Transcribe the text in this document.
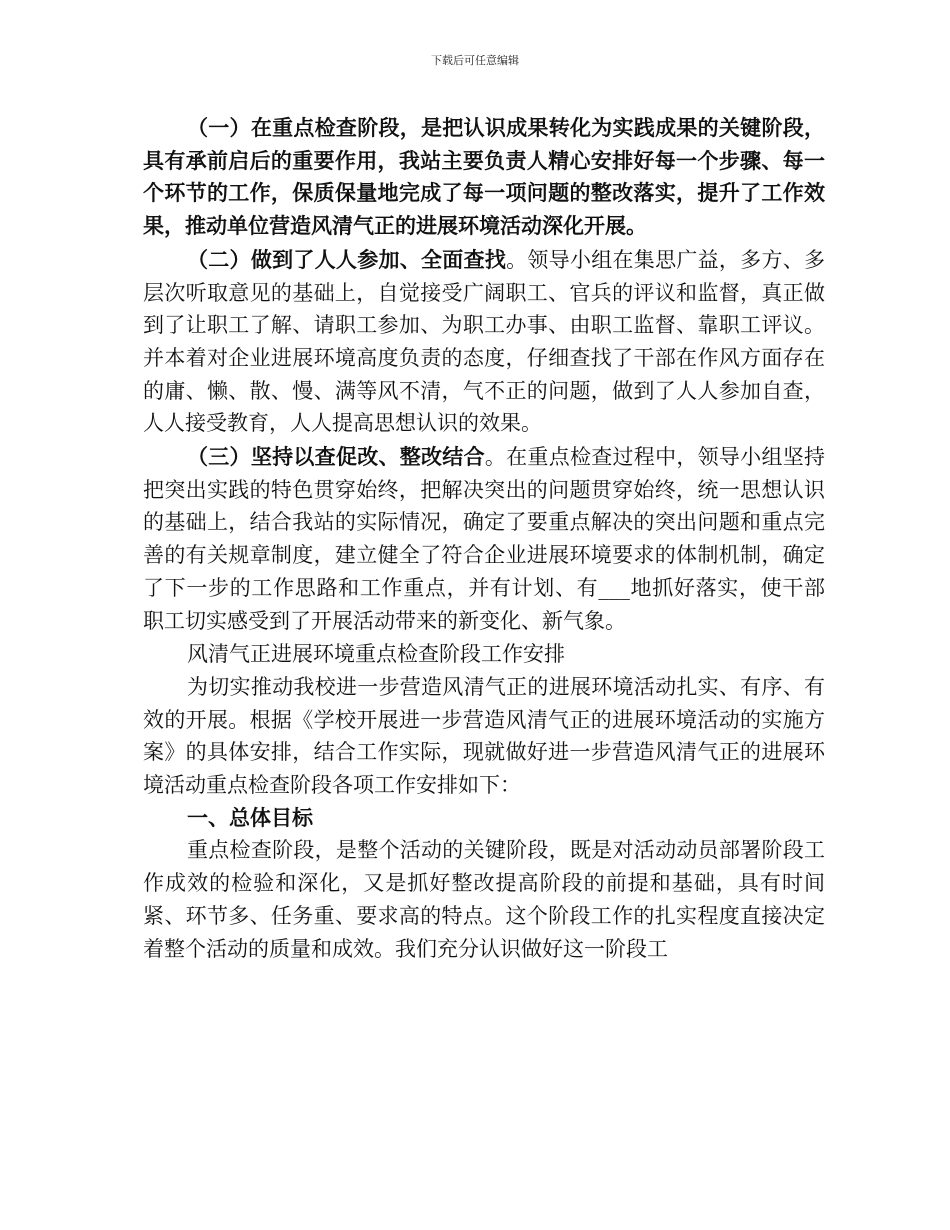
下载后可任意编辑

（一）在重点检查阶段，是把认识成果转化为实践成果的关键阶段，具有承前启后的重要作用，我站主要负责人精心安排好每一个步骤、每一个环节的工作，保质保量地完成了每一项问题的整改落实，提升了工作效果，推动单位营造风清气正的进展环境活动深化开展。

（二）做到了人人参加、全面查找。领导小组在集思广益，多方、多层次听取意见的基础上，自觉接受广阔职工、官兵的评议和监督，真正做到了让职工了解、请职工参加、为职工办事、由职工监督、靠职工评议。并本着对企业进展环境高度负责的态度，仔细查找了干部在作风方面存在的庸、懒、散、慢、满等风不清，气不正的问题，做到了人人参加自查，人人接受教育，人人提高思想认识的效果。

（三）坚持以查促改、整改结合。在重点检查过程中，领导小组坚持把突出实践的特色贯穿始终，把解决突出的问题贯穿始终，统一思想认识的基础上，结合我站的实际情况，确定了要重点解决的突出问题和重点完善的有关规章制度，建立健全了符合企业进展环境要求的体制机制，确定了下一步的工作思路和工作重点，并有计划、有___地抓好落实，使干部职工切实感受到了开展活动带来的新变化、新气象。

风清气正进展环境重点检查阶段工作安排

为切实推动我校进一步营造风清气正的进展环境活动扎实、有序、有效的开展。根据《学校开展进一步营造风清气正的进展环境活动的实施方案》的具体安排，结合工作实际，现就做好进一步营造风清气正的进展环境活动重点检查阶段各项工作安排如下：

一、总体目标

重点检查阶段，是整个活动的关键阶段，既是对活动动员部署阶段工作成效的检验和深化，又是抓好整改提高阶段的前提和基础，具有时间紧、环节多、任务重、要求高的特点。这个阶段工作的扎实程度直接决定着整个活动的质量和成效。我们充分认识做好这一阶段工
